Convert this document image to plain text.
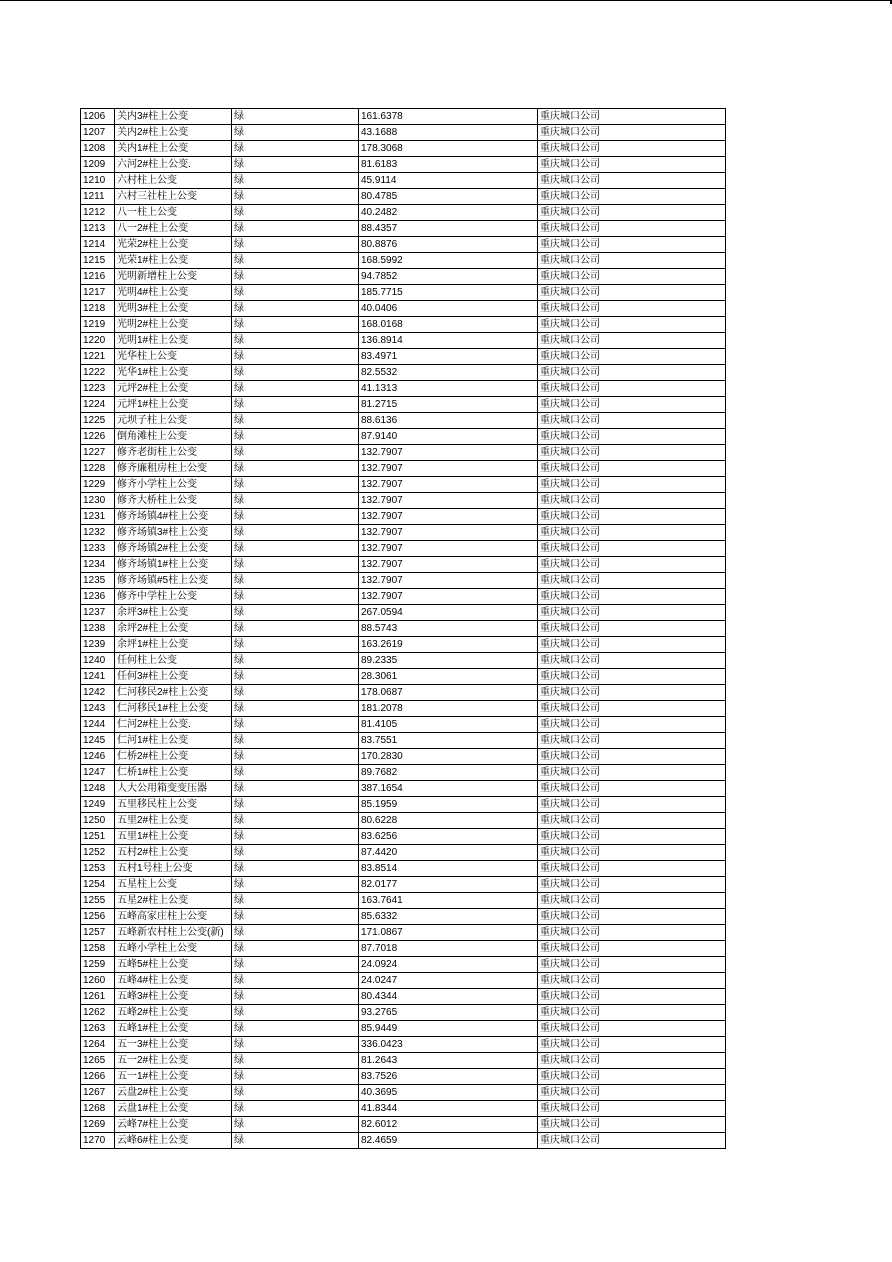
1206	关内3#柱上公变	绿	161.6378	重庆城口公司
1207	关内2#柱上公变	绿	43.1688	重庆城口公司
1208	关内1#柱上公变	绿	178.3068	重庆城口公司
1209	六河2#柱上公变.	绿	81.6183	重庆城口公司
1210	六村柱上公变	绿	45.9114	重庆城口公司
1211	六村三社柱上公变	绿	80.4785	重庆城口公司
1212	八一柱上公变	绿	40.2482	重庆城口公司
1213	八一2#柱上公变	绿	88.4357	重庆城口公司
1214	光荣2#柱上公变	绿	80.8876	重庆城口公司
1215	光荣1#柱上公变	绿	168.5992	重庆城口公司
1216	光明新增柱上公变	绿	94.7852	重庆城口公司
1217	光明4#柱上公变	绿	185.7715	重庆城口公司
1218	光明3#柱上公变	绿	40.0406	重庆城口公司
1219	光明2#柱上公变	绿	168.0168	重庆城口公司
1220	光明1#柱上公变	绿	136.8914	重庆城口公司
1221	光华柱上公变	绿	83.4971	重庆城口公司
1222	光华1#柱上公变	绿	82.5532	重庆城口公司
1223	元坪2#柱上公变	绿	41.1313	重庆城口公司
1224	元坪1#柱上公变	绿	81.2715	重庆城口公司
1225	元坝子柱上公变	绿	88.6136	重庆城口公司
1226	倒角滩柱上公变	绿	87.9140	重庆城口公司
1227	修齐老街柱上公变	绿	132.7907	重庆城口公司
1228	修齐廉租房柱上公变	绿	132.7907	重庆城口公司
1229	修齐小学柱上公变	绿	132.7907	重庆城口公司
1230	修齐大桥柱上公变	绿	132.7907	重庆城口公司
1231	修齐场镇4#柱上公变	绿	132.7907	重庆城口公司
1232	修齐场镇3#柱上公变	绿	132.7907	重庆城口公司
1233	修齐场镇2#柱上公变	绿	132.7907	重庆城口公司
1234	修齐场镇1#柱上公变	绿	132.7907	重庆城口公司
1235	修齐场镇#5柱上公变	绿	132.7907	重庆城口公司
1236	修齐中学柱上公变	绿	132.7907	重庆城口公司
1237	余坪3#柱上公变	绿	267.0594	重庆城口公司
1238	余坪2#柱上公变	绿	88.5743	重庆城口公司
1239	余坪1#柱上公变	绿	163.2619	重庆城口公司
1240	任何柱上公变	绿	89.2335	重庆城口公司
1241	任何3#柱上公变	绿	28.3061	重庆城口公司
1242	仁河移民2#柱上公变	绿	178.0687	重庆城口公司
1243	仁河移民1#柱上公变	绿	181.2078	重庆城口公司
1244	仁河2#柱上公变.	绿	81.4105	重庆城口公司
1245	仁河1#柱上公变	绿	83.7551	重庆城口公司
1246	仁桥2#柱上公变	绿	170.2830	重庆城口公司
1247	仁桥1#柱上公变	绿	89.7682	重庆城口公司
1248	人大公用箱变变压器	绿	387.1654	重庆城口公司
1249	五里移民柱上公变	绿	85.1959	重庆城口公司
1250	五里2#柱上公变	绿	80.6228	重庆城口公司
1251	五里1#柱上公变	绿	83.6256	重庆城口公司
1252	五村2#柱上公变	绿	87.4420	重庆城口公司
1253	五村1号柱上公变	绿	83.8514	重庆城口公司
1254	五星柱上公变	绿	82.0177	重庆城口公司
1255	五星2#柱上公变	绿	163.7641	重庆城口公司
1256	五峰高家庄柱上公变	绿	85.6332	重庆城口公司
1257	五峰新农村柱上公变(新)	绿	171.0867	重庆城口公司
1258	五峰小学柱上公变	绿	87.7018	重庆城口公司
1259	五峰5#柱上公变	绿	24.0924	重庆城口公司
1260	五峰4#柱上公变	绿	24.0247	重庆城口公司
1261	五峰3#柱上公变	绿	80.4344	重庆城口公司
1262	五峰2#柱上公变	绿	93.2765	重庆城口公司
1263	五峰1#柱上公变	绿	85.9449	重庆城口公司
1264	五一3#柱上公变	绿	336.0423	重庆城口公司
1265	五一2#柱上公变	绿	81.2643	重庆城口公司
1266	五一1#柱上公变	绿	83.7526	重庆城口公司
1267	云盘2#柱上公变	绿	40.3695	重庆城口公司
1268	云盘1#柱上公变	绿	41.8344	重庆城口公司
1269	云峰7#柱上公变	绿	82.6012	重庆城口公司
1270	云峰6#柱上公变	绿	82.4659	重庆城口公司
